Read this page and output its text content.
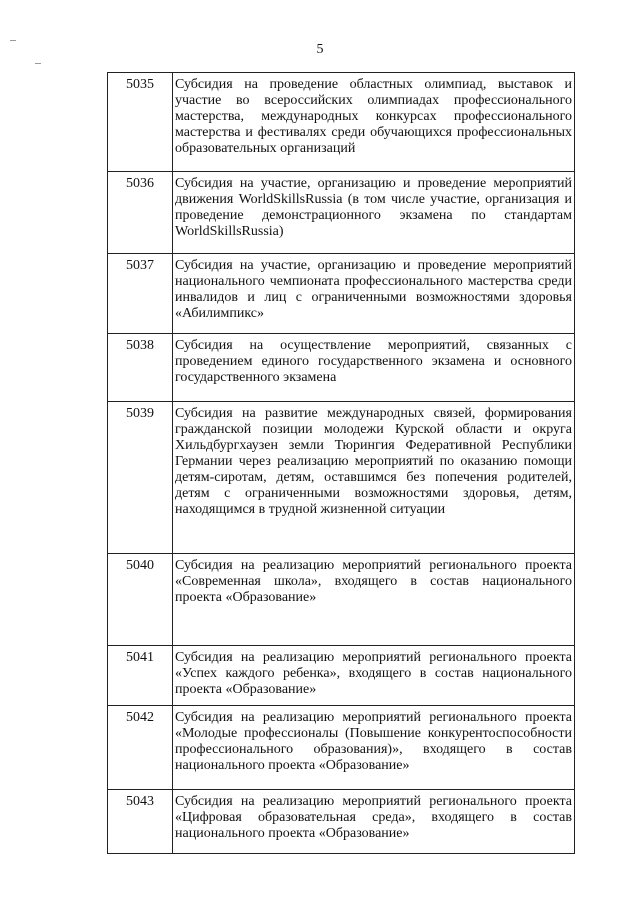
5
5035	Субсидия на проведение областных олимпиад, выставок и участие во всероссийских олимпиадах профессионального мастерства, международных конкурсах профессионального мастерства и фестивалях среди обучающихся профессиональных образовательных организаций
5036	Субсидия на участие, организацию и проведение мероприятий движения WorldSkillsRussia (в том числе участие, организация и проведение демонстрационного экзамена по стандартам WorldSkillsRussia)
5037	Субсидия на участие, организацию и проведение мероприятий национального чемпионата профессионального мастерства среди инвалидов и лиц с ограниченными возможностями здоровья «Абилимпикс»
5038	Субсидия на осуществление мероприятий, связанных с проведением единого государственного экзамена и основного государственного экзамена
5039	Субсидия на развитие международных связей, формирования гражданской позиции молодежи Курской области и округа Хильдбургхаузен земли Тюрингия Федеративной Республики Германии через реализацию мероприятий по оказанию помощи детям-сиротам, детям, оставшимся без попечения родителей, детям с ограниченными возможностями здоровья, детям, находящимся в трудной жизненной ситуации
5040	Субсидия на реализацию мероприятий регионального проекта «Современная школа», входящего в состав национального проекта «Образование»
5041	Субсидия на реализацию мероприятий регионального проекта «Успех каждого ребенка», входящего в состав национального проекта «Образование»
5042	Субсидия на реализацию мероприятий регионального проекта «Молодые профессионалы (Повышение конкурентоспособности профессионального образования)», входящего в состав национального проекта «Образование»
5043	Субсидия на реализацию мероприятий регионального проекта «Цифровая образовательная среда», входящего в состав национального проекта «Образование»
